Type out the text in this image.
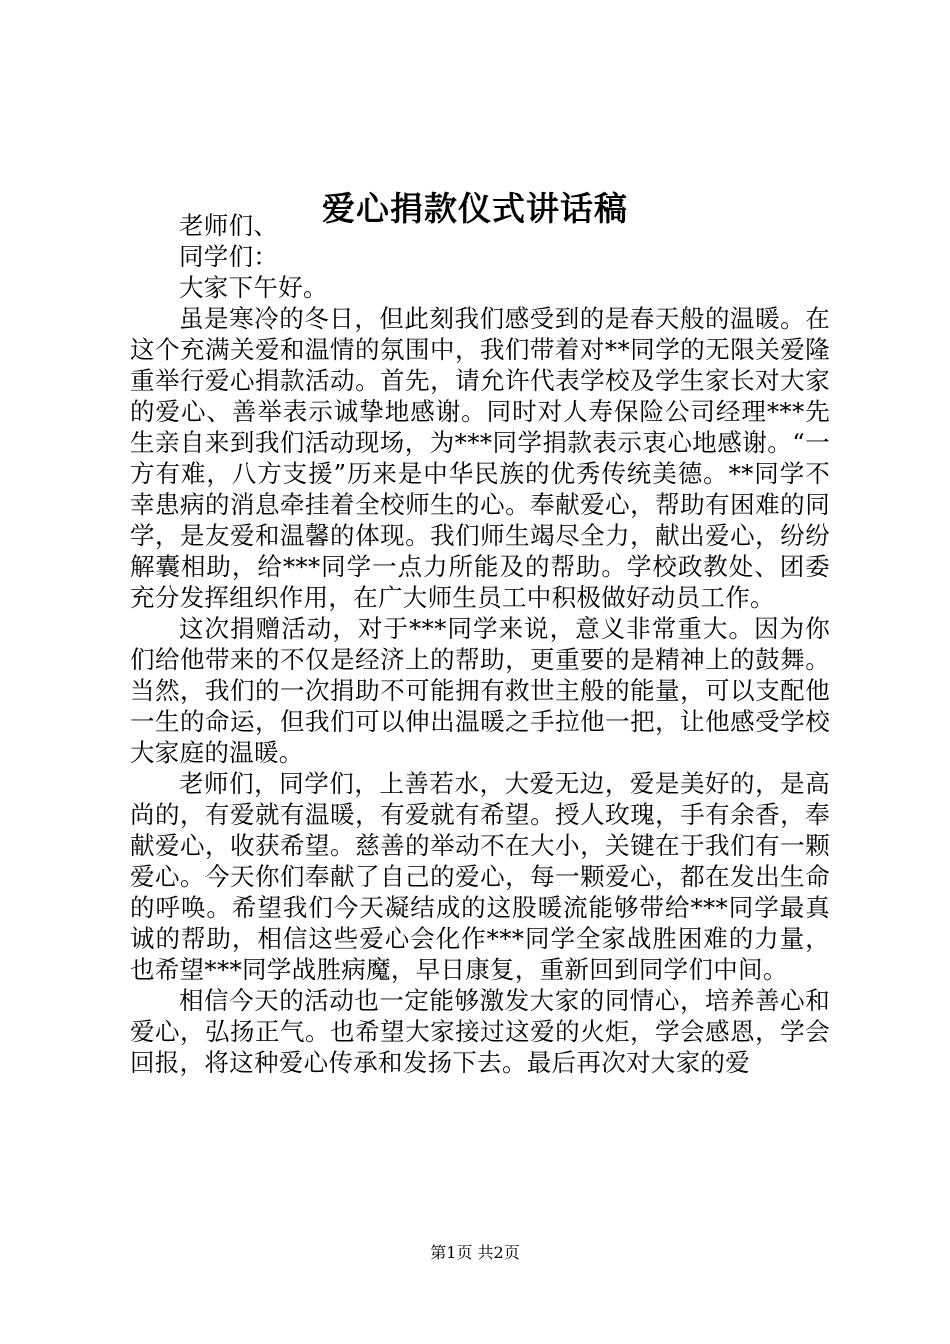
爱心捐款仪式讲话稿

老师们、

同学们：

大家下午好。

虽是寒冷的冬日，但此刻我们感受到的是春天般的温暖。在这个充满关爱和温情的氛围中，我们带着对**同学的无限关爱隆重举行爱心捐款活动。首先，请允许代表学校及学生家长对大家的爱心、善举表示诚挚地感谢。同时对人寿保险公司经理***先生亲自来到我们活动现场，为***同学捐款表示衷心地感谢。“一方有难，八方支援”历来是中华民族的优秀传统美德。**同学不幸患病的消息牵挂着全校师生的心。奉献爱心，帮助有困难的同学，是友爱和温馨的体现。我们师生竭尽全力，献出爱心，纷纷解囊相助，给***同学一点力所能及的帮助。学校政教处、团委充分发挥组织作用，在广大师生员工中积极做好动员工作。

这次捐赠活动，对于***同学来说，意义非常重大。因为你们给他带来的不仅是经济上的帮助，更重要的是精神上的鼓舞。当然，我们的一次捐助不可能拥有救世主般的能量，可以支配他一生的命运，但我们可以伸出温暖之手拉他一把，让他感受学校大家庭的温暖。

老师们，同学们，上善若水，大爱无边，爱是美好的，是高尚的，有爱就有温暖，有爱就有希望。授人玫瑰，手有余香，奉献爱心，收获希望。慈善的举动不在大小，关键在于我们有一颗爱心。今天你们奉献了自己的爱心，每一颗爱心，都在发出生命的呼唤。希望我们今天凝结成的这股暖流能够带给***同学最真诚的帮助，相信这些爱心会化作***同学全家战胜困难的力量，也希望***同学战胜病魔，早日康复，重新回到同学们中间。

相信今天的活动也一定能够激发大家的同情心，培养善心和爱心，弘扬正气。也希望大家接过这爱的火炬，学会感恩，学会回报，将这种爱心传承和发扬下去。最后再次对大家的爱

第1页 共2页
